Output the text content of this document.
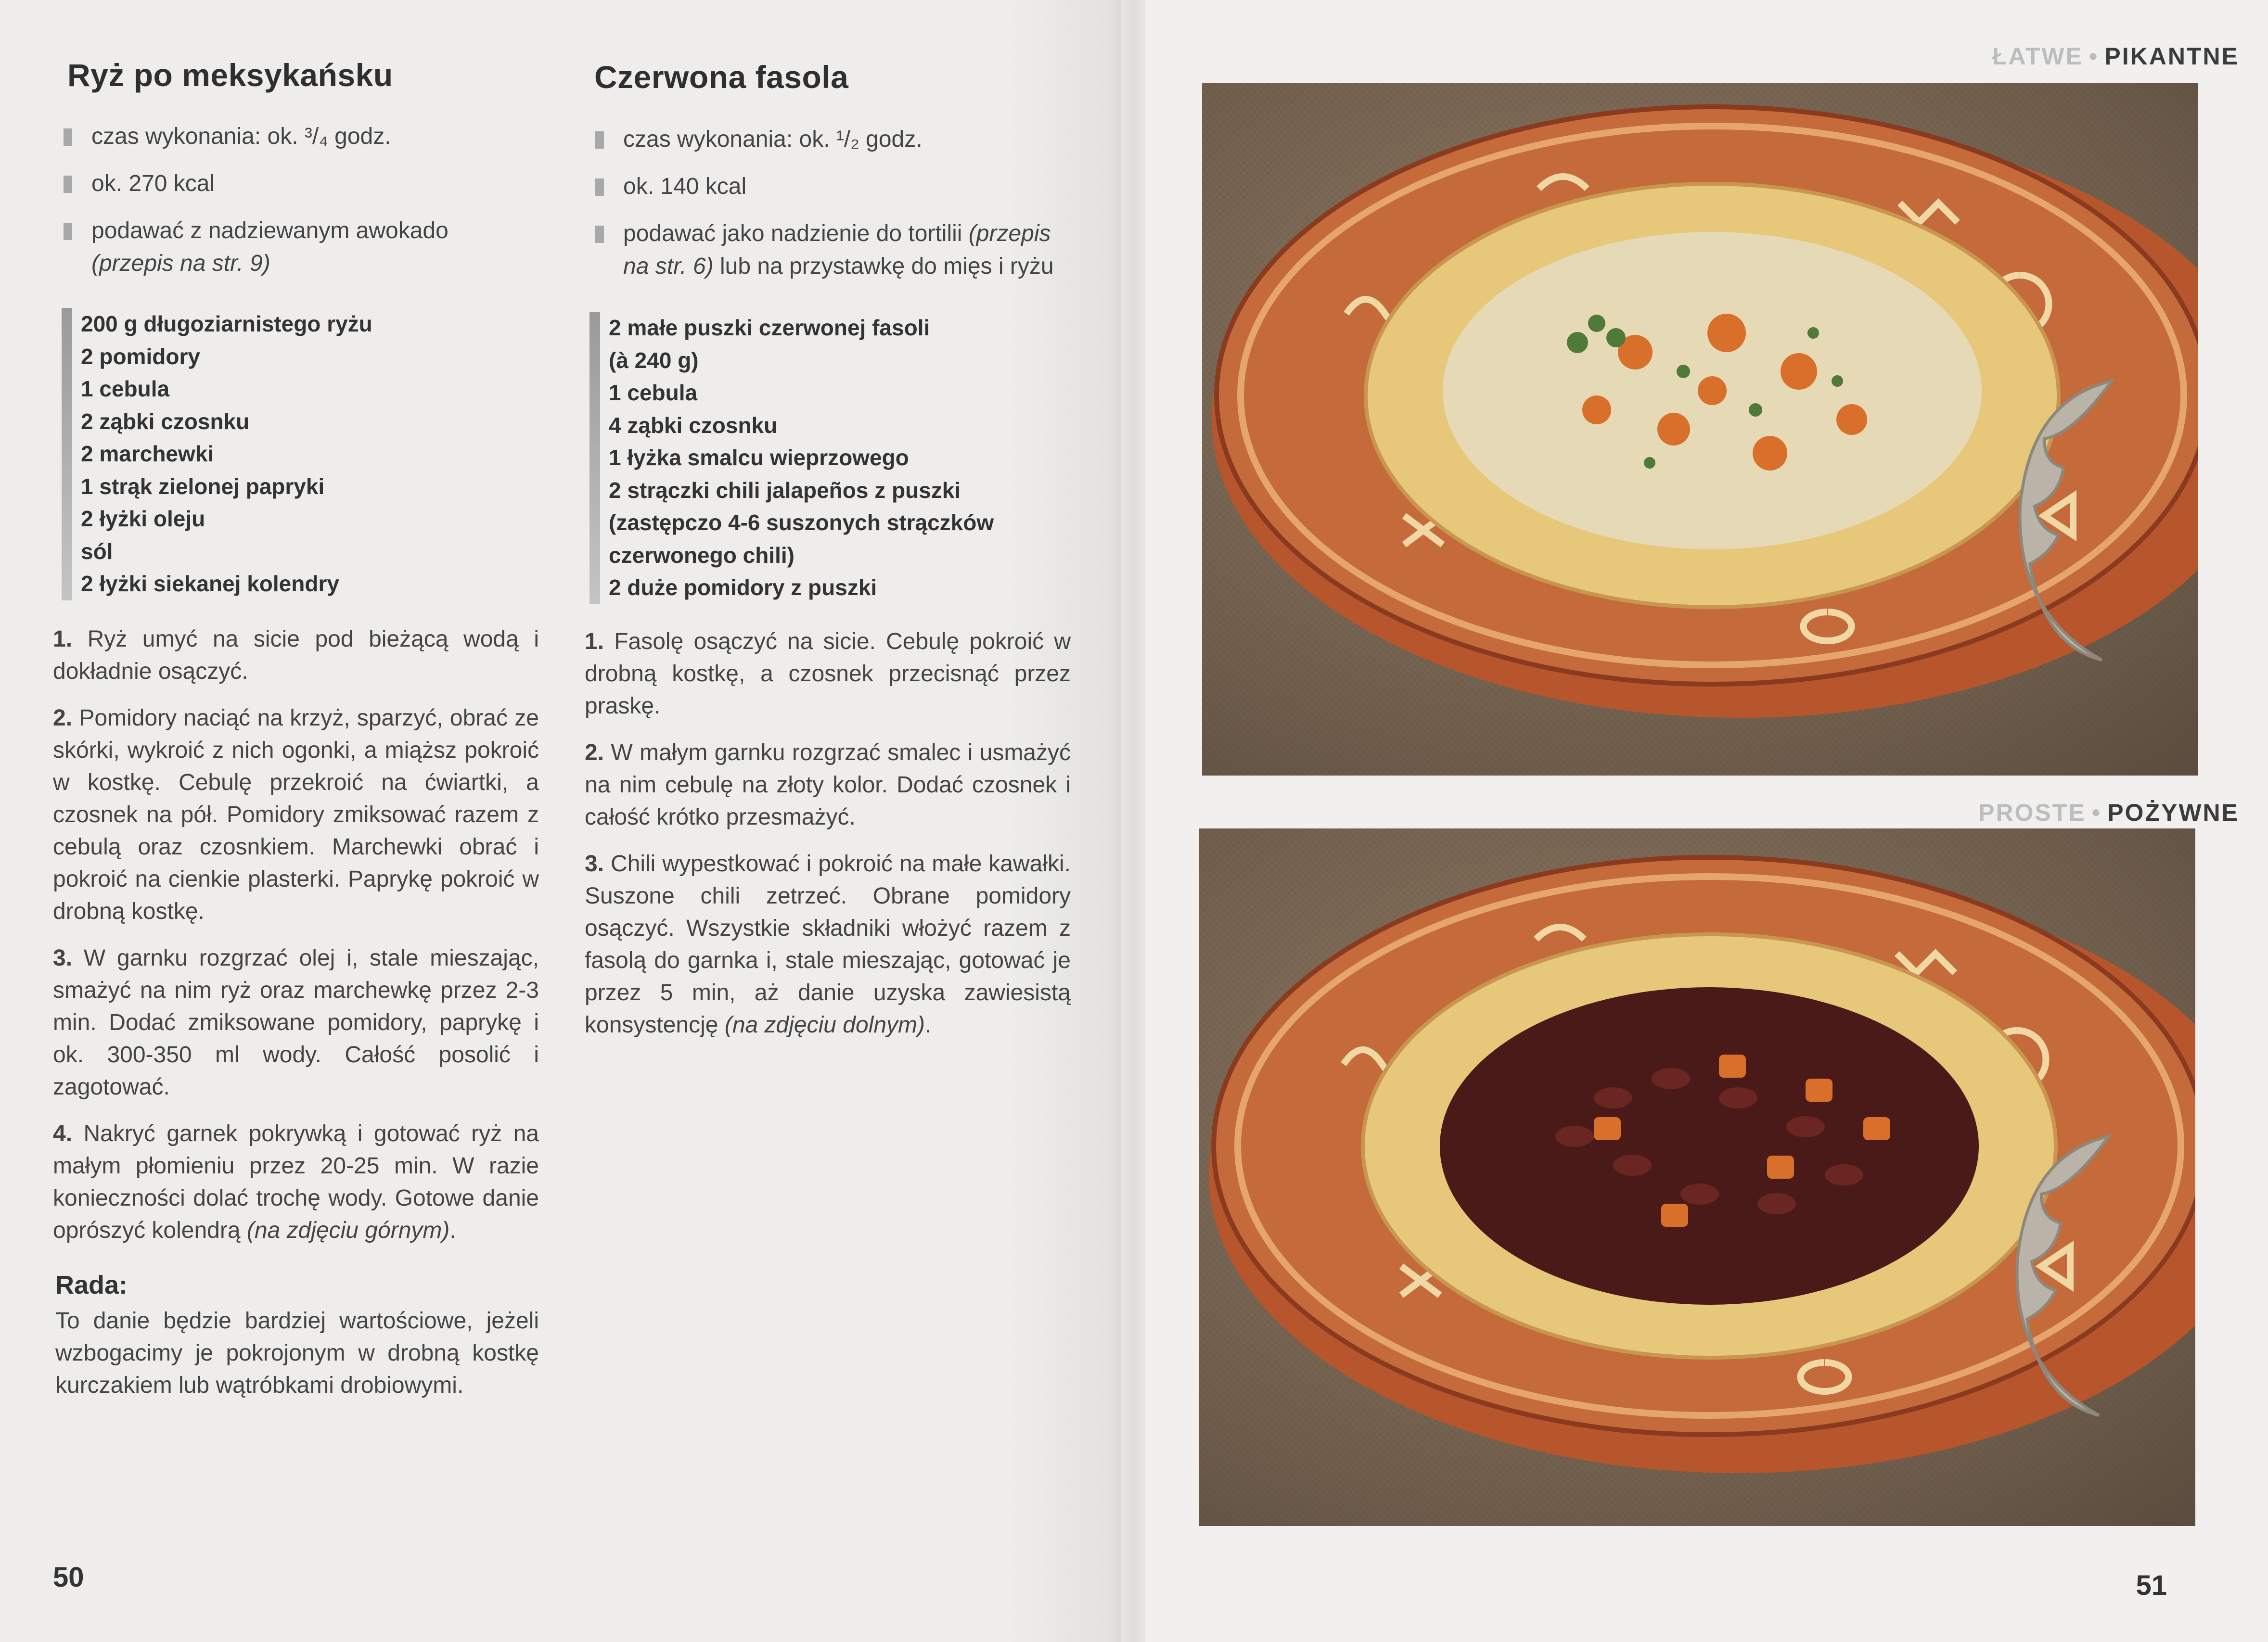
Ryż po meksykańsku
czas wykonania: ok. ³/₄ godz.
ok. 270 kcal
podawać z nadziewanym awokado
(przepis na str. 9)
200 g długoziarnistego ryżu
2 pomidory
1 cebula
2 ząbki czosnku
2 marchewki
1 strąk zielonej papryki
2 łyżki oleju
sól
2 łyżki siekanej kolendry
1. Ryż umyć na sicie pod bieżącą wodą i dokładnie osączyć.
2. Pomidory naciąć na krzyż, sparzyć, obrać ze skórki, wykroić z nich ogonki, a miąższ pokroić w kostkę. Cebulę przekroić na ćwiartki, a czosnek na pół. Pomidory zmiksować razem z cebulą oraz czosnkiem. Marchewki obrać i pokroić na cienkie plasterki. Paprykę pokroić w drobną kostkę.
3. W garnku rozgrzać olej i, stale mieszając, smażyć na nim ryż oraz marchewkę przez 2-3 min. Dodać zmiksowane pomidory, paprykę i ok. 300-350 ml wody. Całość posolić i zagotować.
4. Nakryć garnek pokrywką i gotować ryż na małym płomieniu przez 20-25 min. W razie konieczności dolać trochę wody. Gotowe danie oprószyć kolendrą (na zdjęciu górnym).
Rada:
To danie będzie bardziej wartościowe, jeżeli wzbogacimy je pokrojonym w drobną kostkę kurczakiem lub wątróbkami drobiowymi.
Czerwona fasola
czas wykonania: ok. ¹/₂ godz.
ok. 140 kcal
podawać jako nadzienie do tortilii (przepis na str. 6) lub na przystawkę do mięs i ryżu
2 małe puszki czerwonej fasoli
(à 240 g)
1 cebula
4 ząbki czosnku
1 łyżka smalcu wieprzowego
2 strączki chili jalapeños z puszki
(zastępczo 4-6 suszonych strączków
czerwonego chili)
2 duże pomidory z puszki
1. Fasolę osączyć na sicie. Cebulę pokroić w drobną kostkę, a czosnek przecisnąć przez praskę.
2. W małym garnku rozgrzać smalec i usmażyć na nim cebulę na złoty kolor. Dodać czosnek i całość krótko przesmażyć.
3. Chili wypestkować i pokroić na małe kawałki. Suszone chili zetrzeć. Obrane pomidory osączyć. Wszystkie składniki włożyć razem z fasolą do garnka i, stale mieszając, gotować je przez 5 min, aż danie uzyska zawiesistą konsystencję (na zdjęciu dolnym).
50
ŁATWE • PIKANTNE
PROSTE • POŻYWNE
51
